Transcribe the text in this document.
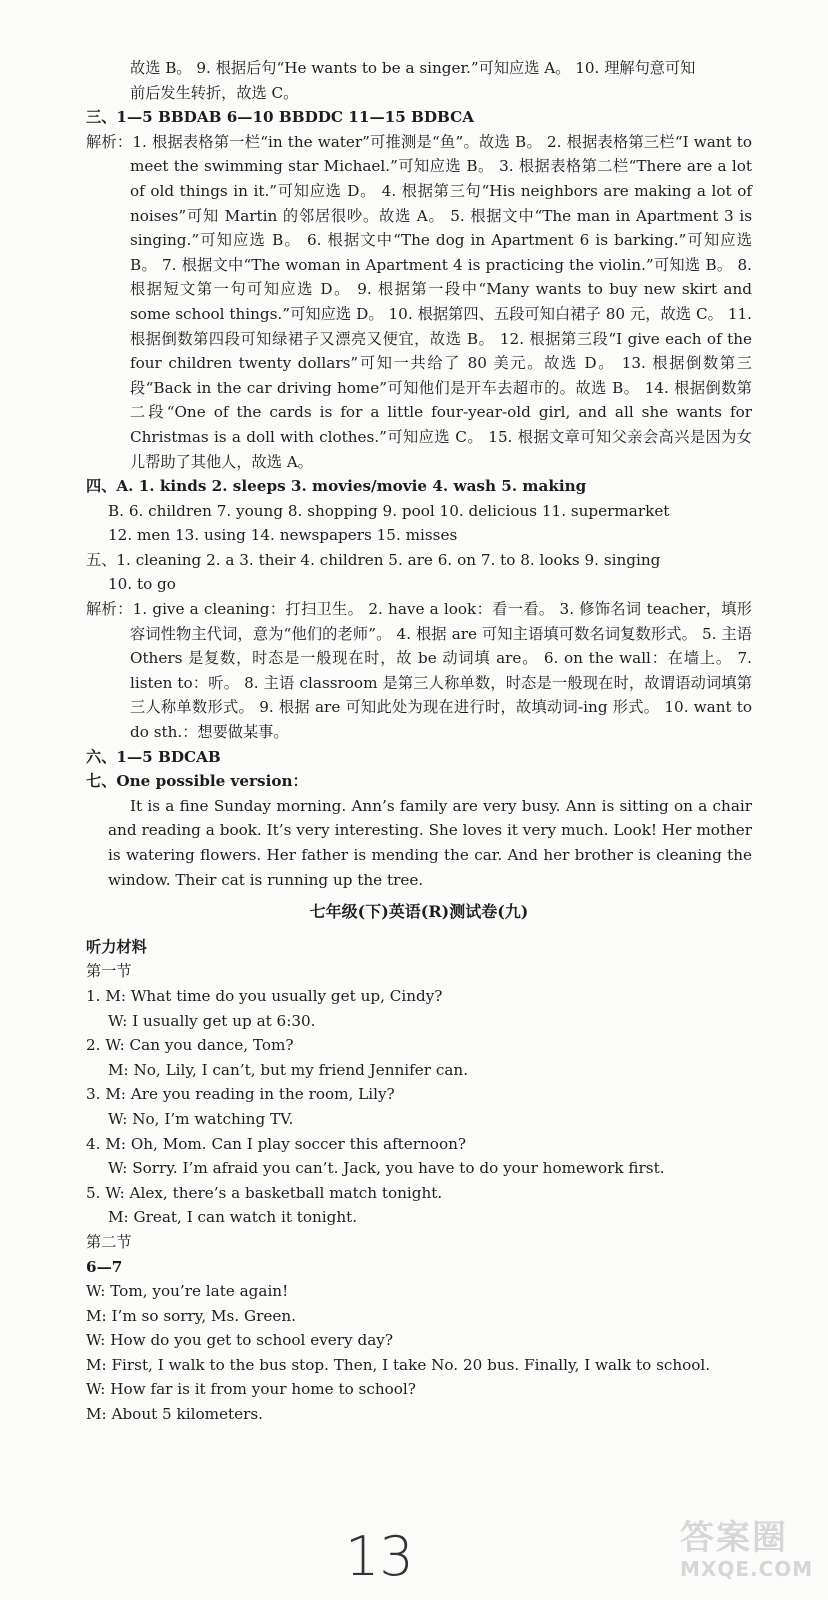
故选 B。 9. 根据后句“He wants to be a singer.”可知应选 A。 10. 理解句意可知
前后发生转折，故选 C。
三、1—5 BBDAB 6—10 BBDDC 11—15 BDBCA
解析：1. 根据表格第一栏“in the water”可推测是“鱼”。故选 B。 2. 根据表格第三栏“I want to meet the swimming star Michael.”可知应选 B。 3. 根据表格第二栏“There are a lot of old things in it.”可知应选 D。 4. 根据第三句“His neighbors are making a lot of noises”可知 Martin 的邻居很吵。故选 A。 5. 根据文中“The man in Apartment 3 is singing.”可知应选 B。 6. 根据文中“The dog in Apartment 6 is barking.”可知应选 B。 7. 根据文中“The woman in Apartment 4 is practicing the violin.”可知选 B。 8. 根据短文第一句可知应选 D。 9. 根据第一段中“Many wants to buy new skirt and some school things.”可知应选 D。 10. 根据第四、五段可知白裙子 80 元，故选 C。 11. 根据倒数第四段可知绿裙子又漂亮又便宜，故选 B。 12. 根据第三段“I give each of the four children twenty dollars”可知一共给了 80 美元。故选 D。 13. 根据倒数第三段“Back in the car driving home”可知他们是开车去超市的。故选 B。 14. 根据倒数第二段“One of the cards is for a little four-year-old girl, and all she wants for Christmas is a doll with clothes.”可知应选 C。 15. 根据文章可知父亲会高兴是因为女儿帮助了其他人，故选 A。
四、A. 1. kinds 2. sleeps 3. movies/movie 4. wash 5. making
B. 6. children 7. young 8. shopping 9. pool 10. delicious 11. supermarket
12. men 13. using 14. newspapers 15. misses
五、1. cleaning 2. a 3. their 4. children 5. are 6. on 7. to 8. looks 9. singing
10. to go
解析：1. give a cleaning：打扫卫生。 2. have a look：看一看。 3. 修饰名词 teacher，填形容词性物主代词，意为“他们的老师”。 4. 根据 are 可知主语填可数名词复数形式。 5. 主语 Others 是复数，时态是一般现在时，故 be 动词填 are。 6. on the wall：在墙上。 7. listen to：听。 8. 主语 classroom 是第三人称单数，时态是一般现在时，故谓语动词填第三人称单数形式。 9. 根据 are 可知此处为现在进行时，故填动词-ing 形式。 10. want to do sth.：想要做某事。
六、1—5 BDCAB
七、One possible version：
It is a fine Sunday morning. Ann’s family are very busy. Ann is sitting on a chair and reading a book. It’s very interesting. She loves it very much. Look! Her mother is watering flowers. Her father is mending the car. And her brother is cleaning the window. Their cat is running up the tree.
七年级(下)英语(R)测试卷(九)
听力材料
第一节
1. M: What time do you usually get up, Cindy?
W: I usually get up at 6:30.
2. W: Can you dance, Tom?
M: No, Lily, I can’t, but my friend Jennifer can.
3. M: Are you reading in the room, Lily?
W: No, I’m watching TV.
4. M: Oh, Mom. Can I play soccer this afternoon?
W: Sorry. I’m afraid you can’t. Jack, you have to do your homework first.
5. W: Alex, there’s a basketball match tonight.
M: Great, I can watch it tonight.
第二节
6—7
W: Tom, you’re late again!
M: I’m so sorry, Ms. Green.
W: How do you get to school every day?
M: First, I walk to the bus stop. Then, I take No. 20 bus. Finally, I walk to school.
W: How far is it from your home to school?
M: About 5 kilometers.
13	答案圈
MXQE.COM
